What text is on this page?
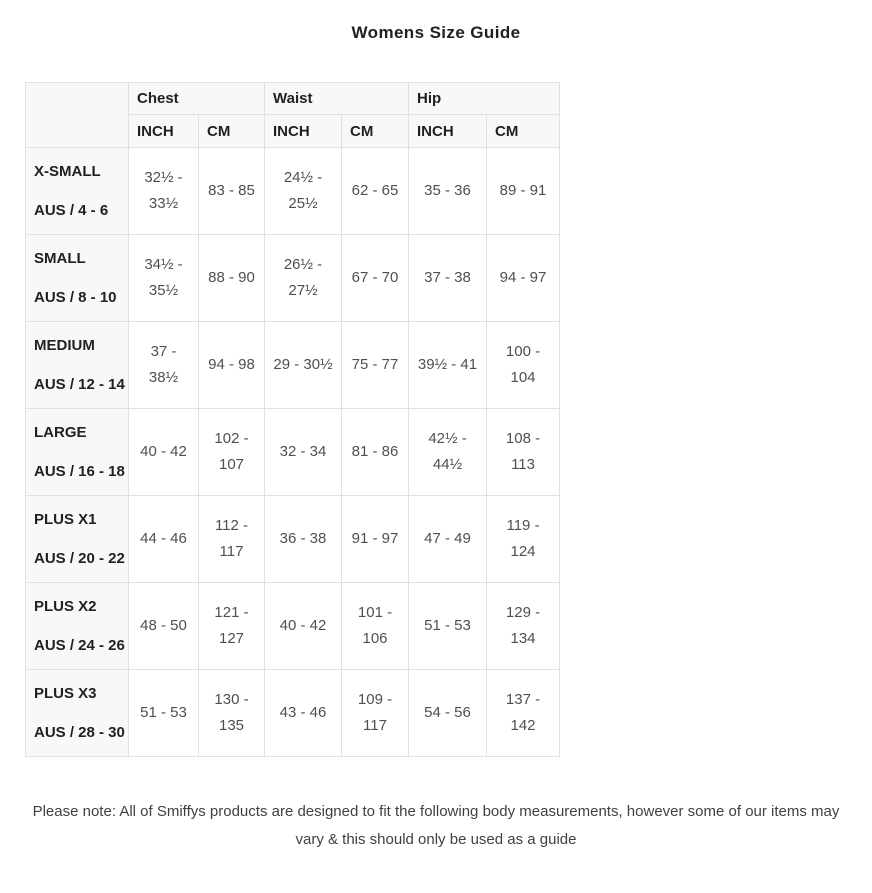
Womens Size Guide
	Chest		Waist		Hip	
	INCH	CM	INCH	CM	INCH	CM

X-SMALL
AUS / 4 - 6	32½ - 33½	83 - 85	24½ - 25½	62 - 65	35 - 36	89 - 91

SMALL
AUS / 8 - 10	34½ - 35½	88 - 90	26½ - 27½	67 - 70	37 - 38	94 - 97

MEDIUM
AUS / 12 - 14	37 - 38½	94 - 98	29 - 30½	75 - 77	39½ - 41	100 - 104

LARGE
AUS / 16 - 18	40 - 42	102 - 107	32 - 34	81 - 86	42½ - 44½	108 - 113

PLUS X1
AUS / 20 - 22	44 - 46	112 - 117	36 - 38	91 - 97	47 - 49	119 - 124

PLUS X2
AUS / 24 - 26	48 - 50	121 - 127	40 - 42	101 - 106	51 - 53	129 - 134

PLUS X3
AUS / 28 - 30	51 - 53	130 - 135	43 - 46	109 - 117	54 - 56	137 - 142

Please note: All of Smiffys products are designed to fit the following body measurements, however some of our items may vary & this should only be used as a guide
